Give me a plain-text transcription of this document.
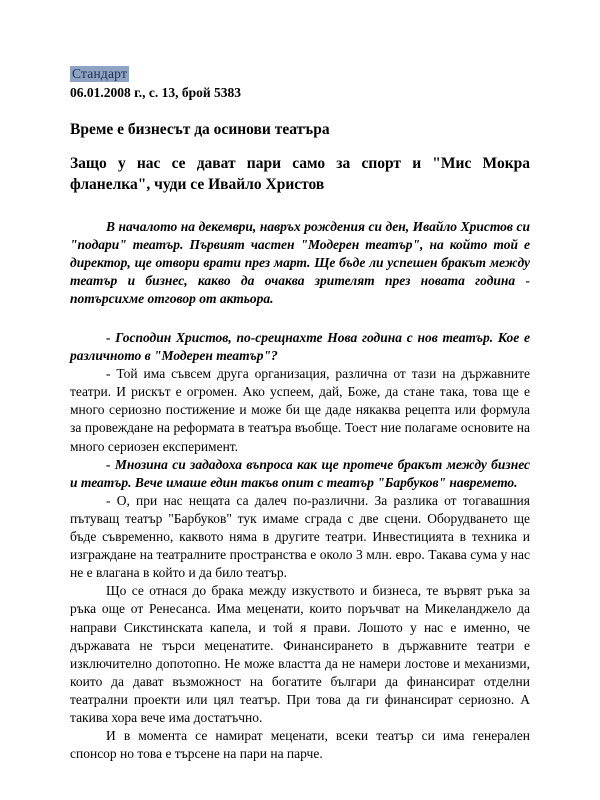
Стандарт
06.01.2008 г., с. 13, брой 5383
Време е бизнесът да осинови театъра
Защо у нас се дават пари само за спорт и "Мис Мокра фланелка", чуди се Ивайло Христов

В началото на декември, навръх рождения си ден, Ивайло Христов си "подари" театър. Първият частен "Модерен театър", на който той е директор, ще отвори врати през март. Ще бъде ли успешен бракът между театър и бизнес, какво да очаква зрителят през новата година - потърсихме отговор от актьора.

- Господин Христов, по-срещнахте Нова година с нов театър. Кое е различното в "Модерен театър"?

- Той има съвсем друга организация, различна от тази на държавните театри. И рискът е огромен. Ако успеем, дай, Боже, да стане така, това ще е много сериозно постижение и може би ще даде някаква рецепта или формула за провеждане на реформата в театъра въобще. Тоест ние полагаме основите на много сериозен експеримент.

- Мнозина си зададоха въпроса как ще протече бракът между бизнес и театър. Вече имаше един такъв опит с театър "Барбуков" навремето.

- О, при нас нещата са далеч по-различни. За разлика от тогавашния пътуващ театър "Барбуков" тук имаме сграда с две сцени. Оборудването ще бъде съвременно, каквото няма в другите театри. Инвестицията в техника и изграждане на театралните пространства е около 3 млн. евро. Такава сума у нас не е влагана в който и да било театър.

Що се отнася до брака между изкуството и бизнеса, те вървят ръка за ръка още от Ренесанса. Има меценати, които поръчват на Микеланджело да направи Сикстинската капела, и той я прави. Лошото у нас е именно, че държавата не търси меценатите. Финансирането в държавните театри е изключително допотопно. Не може властта да не намери лостове и механизми, които да дават възможност на богатите българи да финансират отделни театрални проекти или цял театър. При това да ги финансират сериозно. А такива хора вече има достатъчно.

И в момента се намират меценати, всеки театър си има генерален спонсор но това е търсене на пари на парче.
